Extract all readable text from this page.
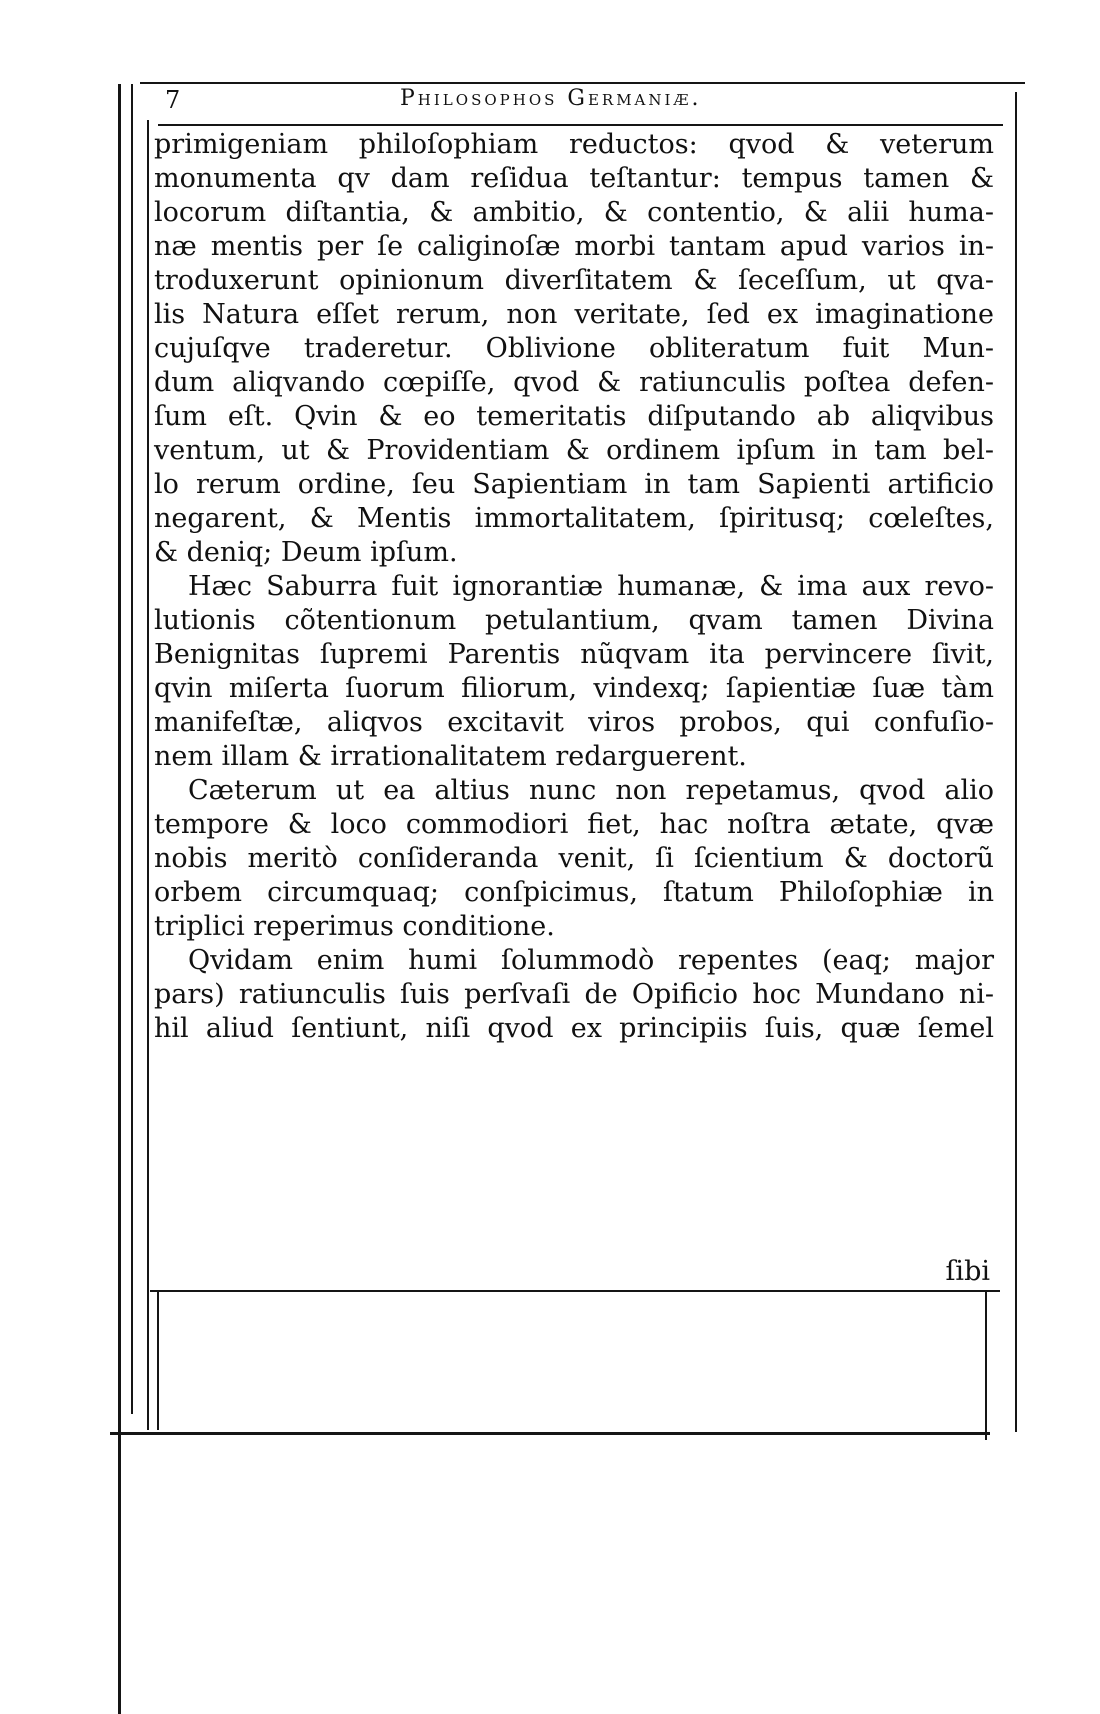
7	Philosophos Germaniæ.
primigeniam philoſophiam reductos: qvod & veterum
monumenta qv dam reſidua teſtantur: tempus tamen &
locorum diſtantia, & ambitio, & contentio, & alii huma-
næ mentis per ſe caliginoſæ morbi tantam apud varios in-
troduxerunt opinionum diverſitatem & ſeceſſum, ut qva-
lis Natura eſſet rerum, non veritate, ſed ex imaginatione
cujuſqve traderetur. Oblivione obliteratum fuit Mun-
dum aliqvando cœpiſſe, qvod & ratiunculis poſtea defen-
ſum eſt. Qvin & eo temeritatis diſputando ab aliqvibus
ventum, ut & Providentiam & ordinem ipſum in tam bel-
lo rerum ordine, ſeu Sapientiam in tam Sapienti artificio
negarent, & Mentis immortalitatem, ſpiritusq; cœleſtes,
& deniq; Deum ipſum.
Hæc Saburra fuit ignorantiæ humanæ, & ima aux revo-
lutionis cõtentionum petulantium, qvam tamen Divina
Benignitas ſupremi Parentis nũqvam ita pervincere ſivit,
qvin miſerta ſuorum filiorum, vindexq; ſapientiæ ſuæ tàm
manifeſtæ, aliqvos excitavit viros probos, qui confuſio-
nem illam & irrationalitatem redarguerent.
Cæterum ut ea altius nunc non repetamus, qvod alio
tempore & loco commodiori fiet, hac noſtra ætate, qvæ
nobis meritò conſideranda venit, ſi ſcientium & doctorũ
orbem circumquaq; conſpicimus, ſtatum Philoſophiæ in
triplici reperimus conditione.
Qvidam enim humi ſolummodò repentes (eaq; major
pars) ratiunculis ſuis perſvaſi de Opificio hoc Mundano ni-
hil aliud ſentiunt, niſi qvod ex principiis ſuis, quæ ſemel
ſibi
